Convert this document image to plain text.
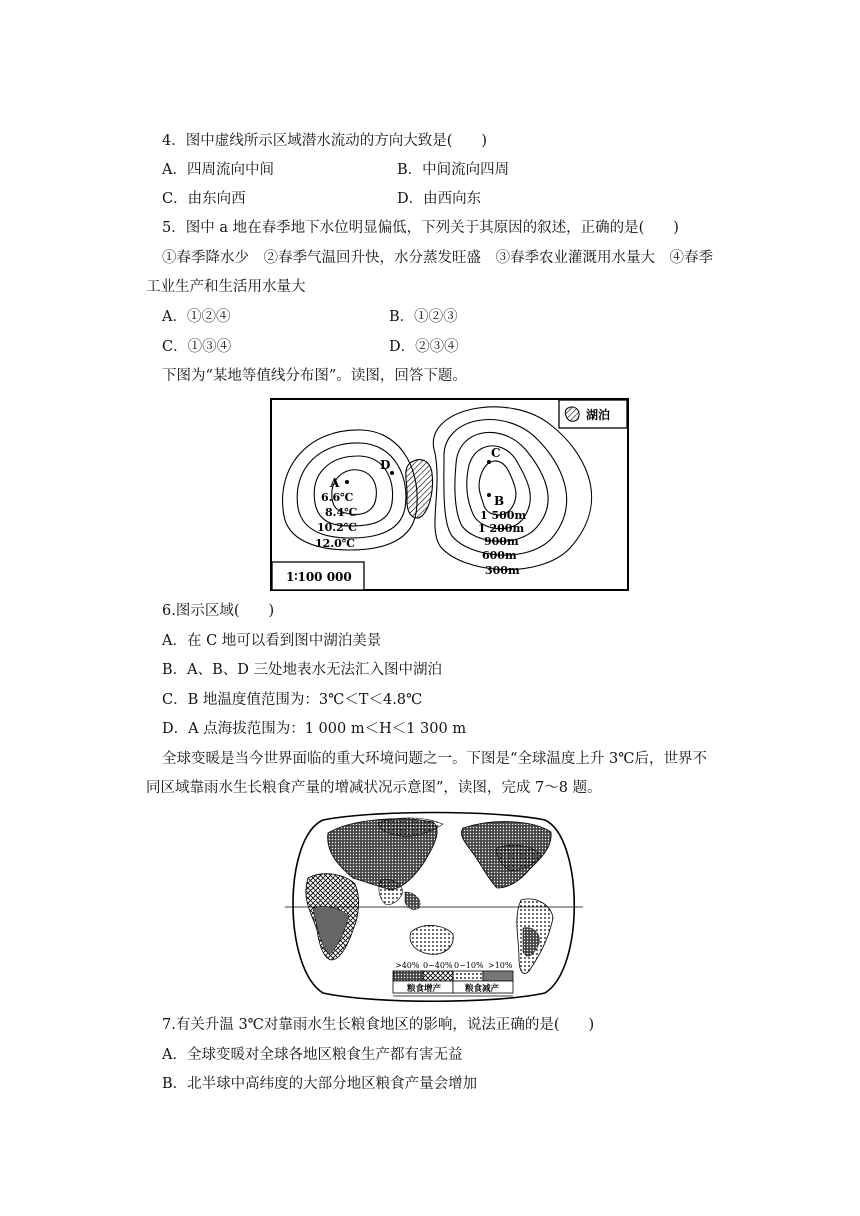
4．图中虚线所示区域潜水流动的方向大致是(　　)
A．四周流向中间	B．中间流向四周
C．由东向西	D．由西向东
5．图中 a 地在春季地下水位明显偏低，下列关于其原因的叙述，正确的是(　　)
①春季降水少　②春季气温回升快，水分蒸发旺盛　③春季农业灌溉用水量大　④春季
工业生产和生活用水量大
A．①②④	B．①②③
C．①③④	D．②③④
下图为“某地等值线分布图”。读图，回答下题。
湖泊
1∶100 000
A
D
C
B
6.6℃
8.4℃
10.2℃
12.0℃
1 500m
1 200m
900m
600m
300m
6.图示区域(　　)
A．在 C 地可以看到图中湖泊美景
B．A、B、D 三处地表水无法汇入图中湖泊
C．B 地温度值范围为：3℃＜T＜4.8℃
D．A 点海拔范围为：1 000 m＜H＜1 300 m
全球变暖是当今世界面临的重大环境问题之一。下图是“全球温度上升 3℃后，世界不
同区域靠雨水生长粮食产量的增减状况示意图”，读图，完成 7～8 题。
>40% 0~40% 0~10% >10%
粮食增产	粮食减产
7.有关升温 3℃对靠雨水生长粮食地区的影响，说法正确的是(　　)
A．全球变暖对全球各地区粮食生产都有害无益
B．北半球中高纬度的大部分地区粮食产量会增加
